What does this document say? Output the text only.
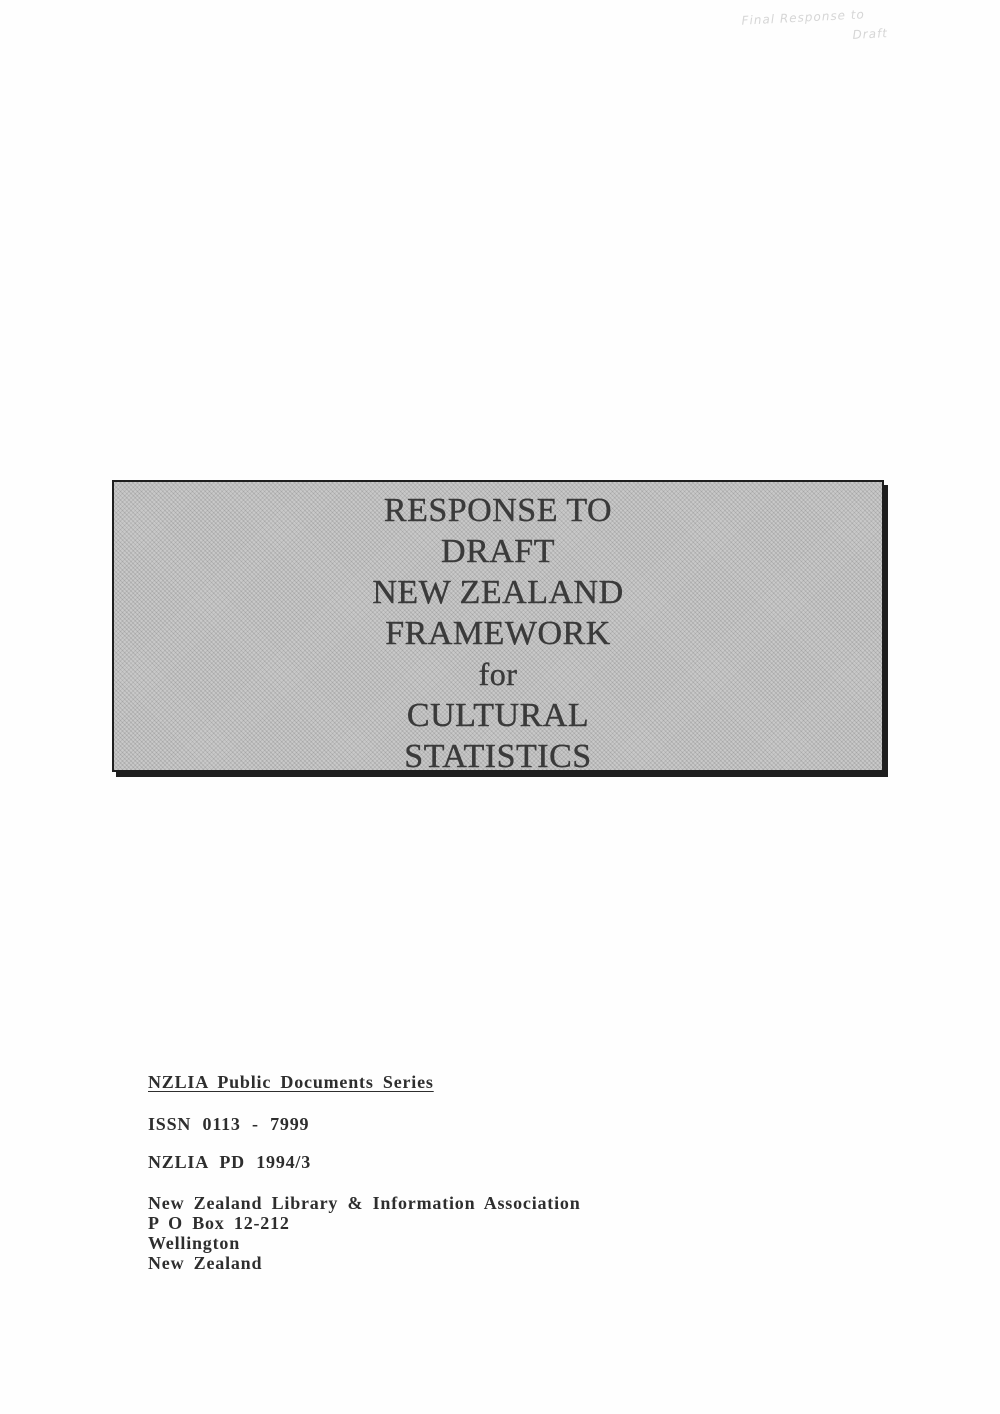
Final Response to
Draft
RESPONSE TO
DRAFT
NEW ZEALAND
FRAMEWORK
for
CULTURAL
STATISTICS
NZLIA Public Documents Series
ISSN 0113 - 7999
NZLIA PD 1994/3
New Zealand Library & Information Association
P O Box 12-212
Wellington
New Zealand
